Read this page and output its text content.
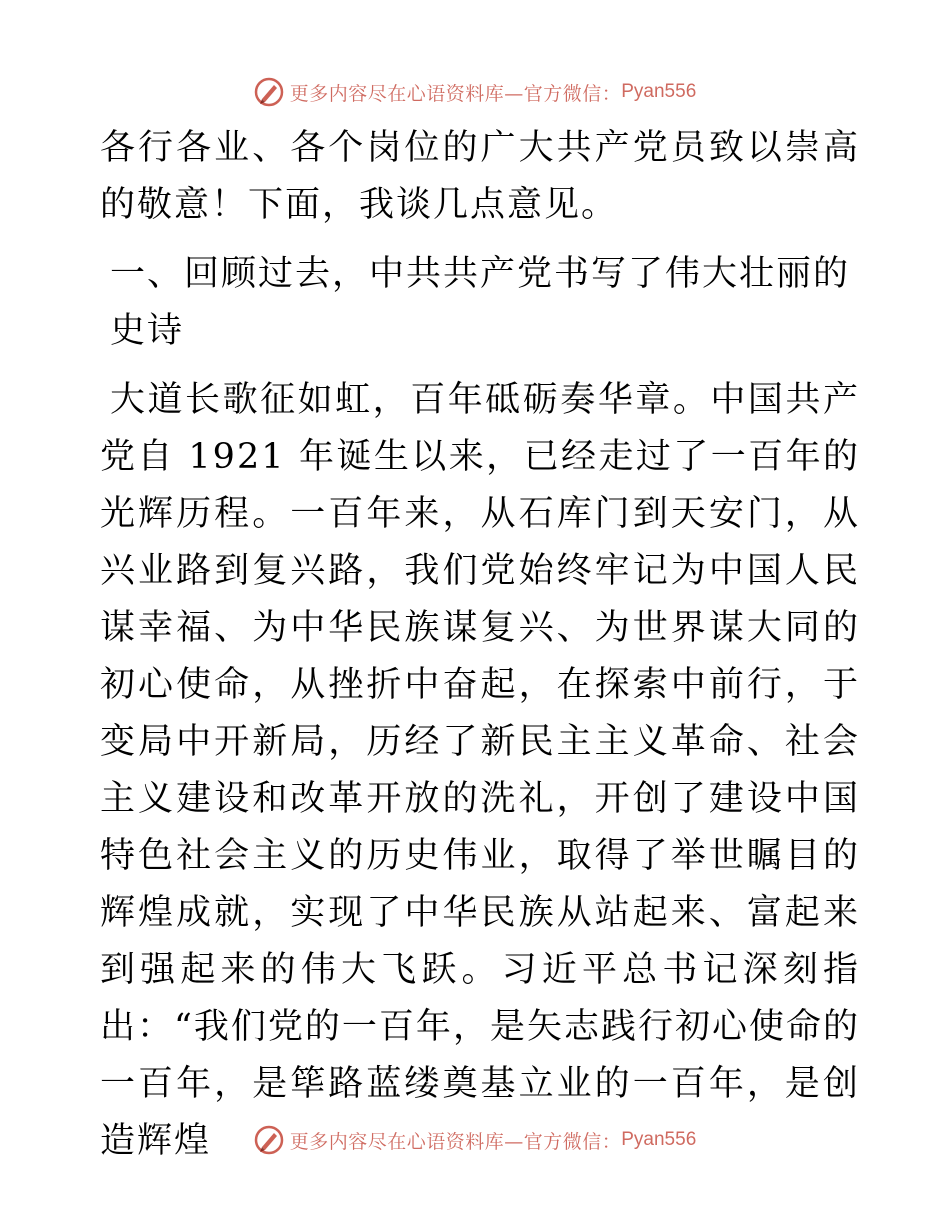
更多内容尽在心语资料库—官方微信： Pyan556

各行各业、各个岗位的广大共产党员致以崇高的敬意！下面，我谈几点意见。

一、回顾过去，中共共产党书写了伟大壮丽的史诗

大道长歌征如虹，百年砥砺奏华章。中国共产党自 1921 年诞生以来，已经走过了一百年的光辉历程。一百年来，从石库门到天安门，从兴业路到复兴路，我们党始终牢记为中国人民谋幸福、为中华民族谋复兴、为世界谋大同的初心使命，从挫折中奋起，在探索中前行，于变局中开新局，历经了新民主主义革命、社会主义建设和改革开放的洗礼，开创了建设中国特色社会主义的历史伟业，取得了举世瞩目的辉煌成就，实现了中华民族从站起来、富起来到强起来的伟大飞跃。习近平总书记深刻指出：“我们党的一百年，是矢志践行初心使命的一百年，是筚路蓝缕奠基立业的一百年，是创造辉煌	更多内容尽在心语资料库—官方微信： Pyan556
